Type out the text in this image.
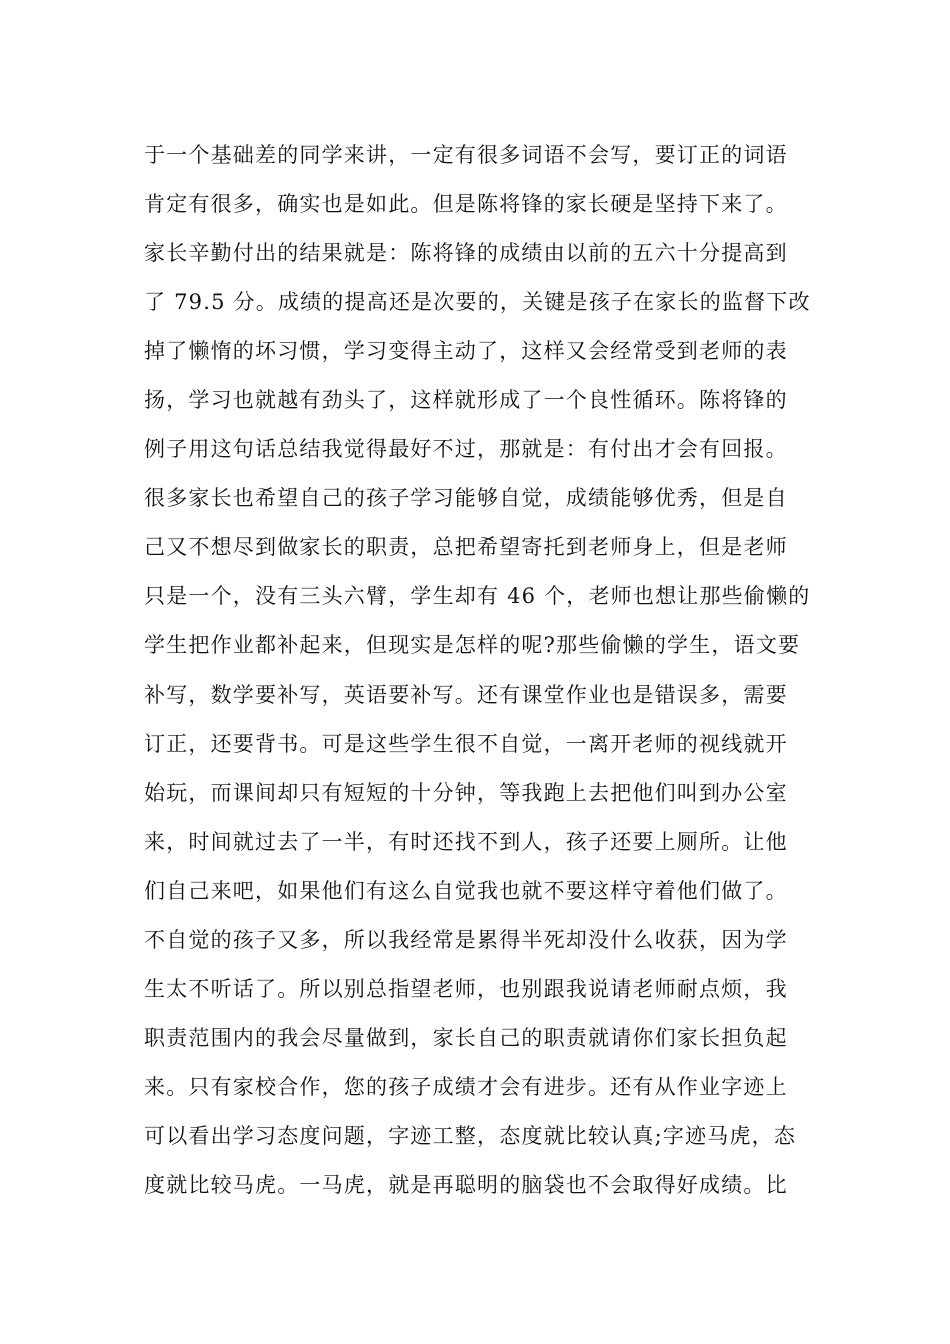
于一个基础差的同学来讲，一定有很多词语不会写，要订正的词语
肯定有很多，确实也是如此。但是陈将锋的家长硬是坚持下来了。
家长辛勤付出的结果就是：陈将锋的成绩由以前的五六十分提高到
了 79.5 分。成绩的提高还是次要的，关键是孩子在家长的监督下改
掉了懒惰的坏习惯，学习变得主动了，这样又会经常受到老师的表
扬，学习也就越有劲头了，这样就形成了一个良性循环。陈将锋的
例子用这句话总结我觉得最好不过，那就是：有付出才会有回报。
很多家长也希望自己的孩子学习能够自觉，成绩能够优秀，但是自
己又不想尽到做家长的职责，总把希望寄托到老师身上，但是老师
只是一个，没有三头六臂，学生却有 46 个，老师也想让那些偷懒的
学生把作业都补起来，但现实是怎样的呢?那些偷懒的学生，语文要
补写，数学要补写，英语要补写。还有课堂作业也是错误多，需要
订正，还要背书。可是这些学生很不自觉，一离开老师的视线就开
始玩，而课间却只有短短的十分钟，等我跑上去把他们叫到办公室
来，时间就过去了一半，有时还找不到人，孩子还要上厕所。让他
们自己来吧，如果他们有这么自觉我也就不要这样守着他们做了。
不自觉的孩子又多，所以我经常是累得半死却没什么收获，因为学
生太不听话了。所以别总指望老师，也别跟我说请老师耐点烦，我
职责范围内的我会尽量做到，家长自己的职责就请你们家长担负起
来。只有家校合作，您的孩子成绩才会有进步。还有从作业字迹上
可以看出学习态度问题，字迹工整，态度就比较认真;字迹马虎，态
度就比较马虎。一马虎，就是再聪明的脑袋也不会取得好成绩。比
